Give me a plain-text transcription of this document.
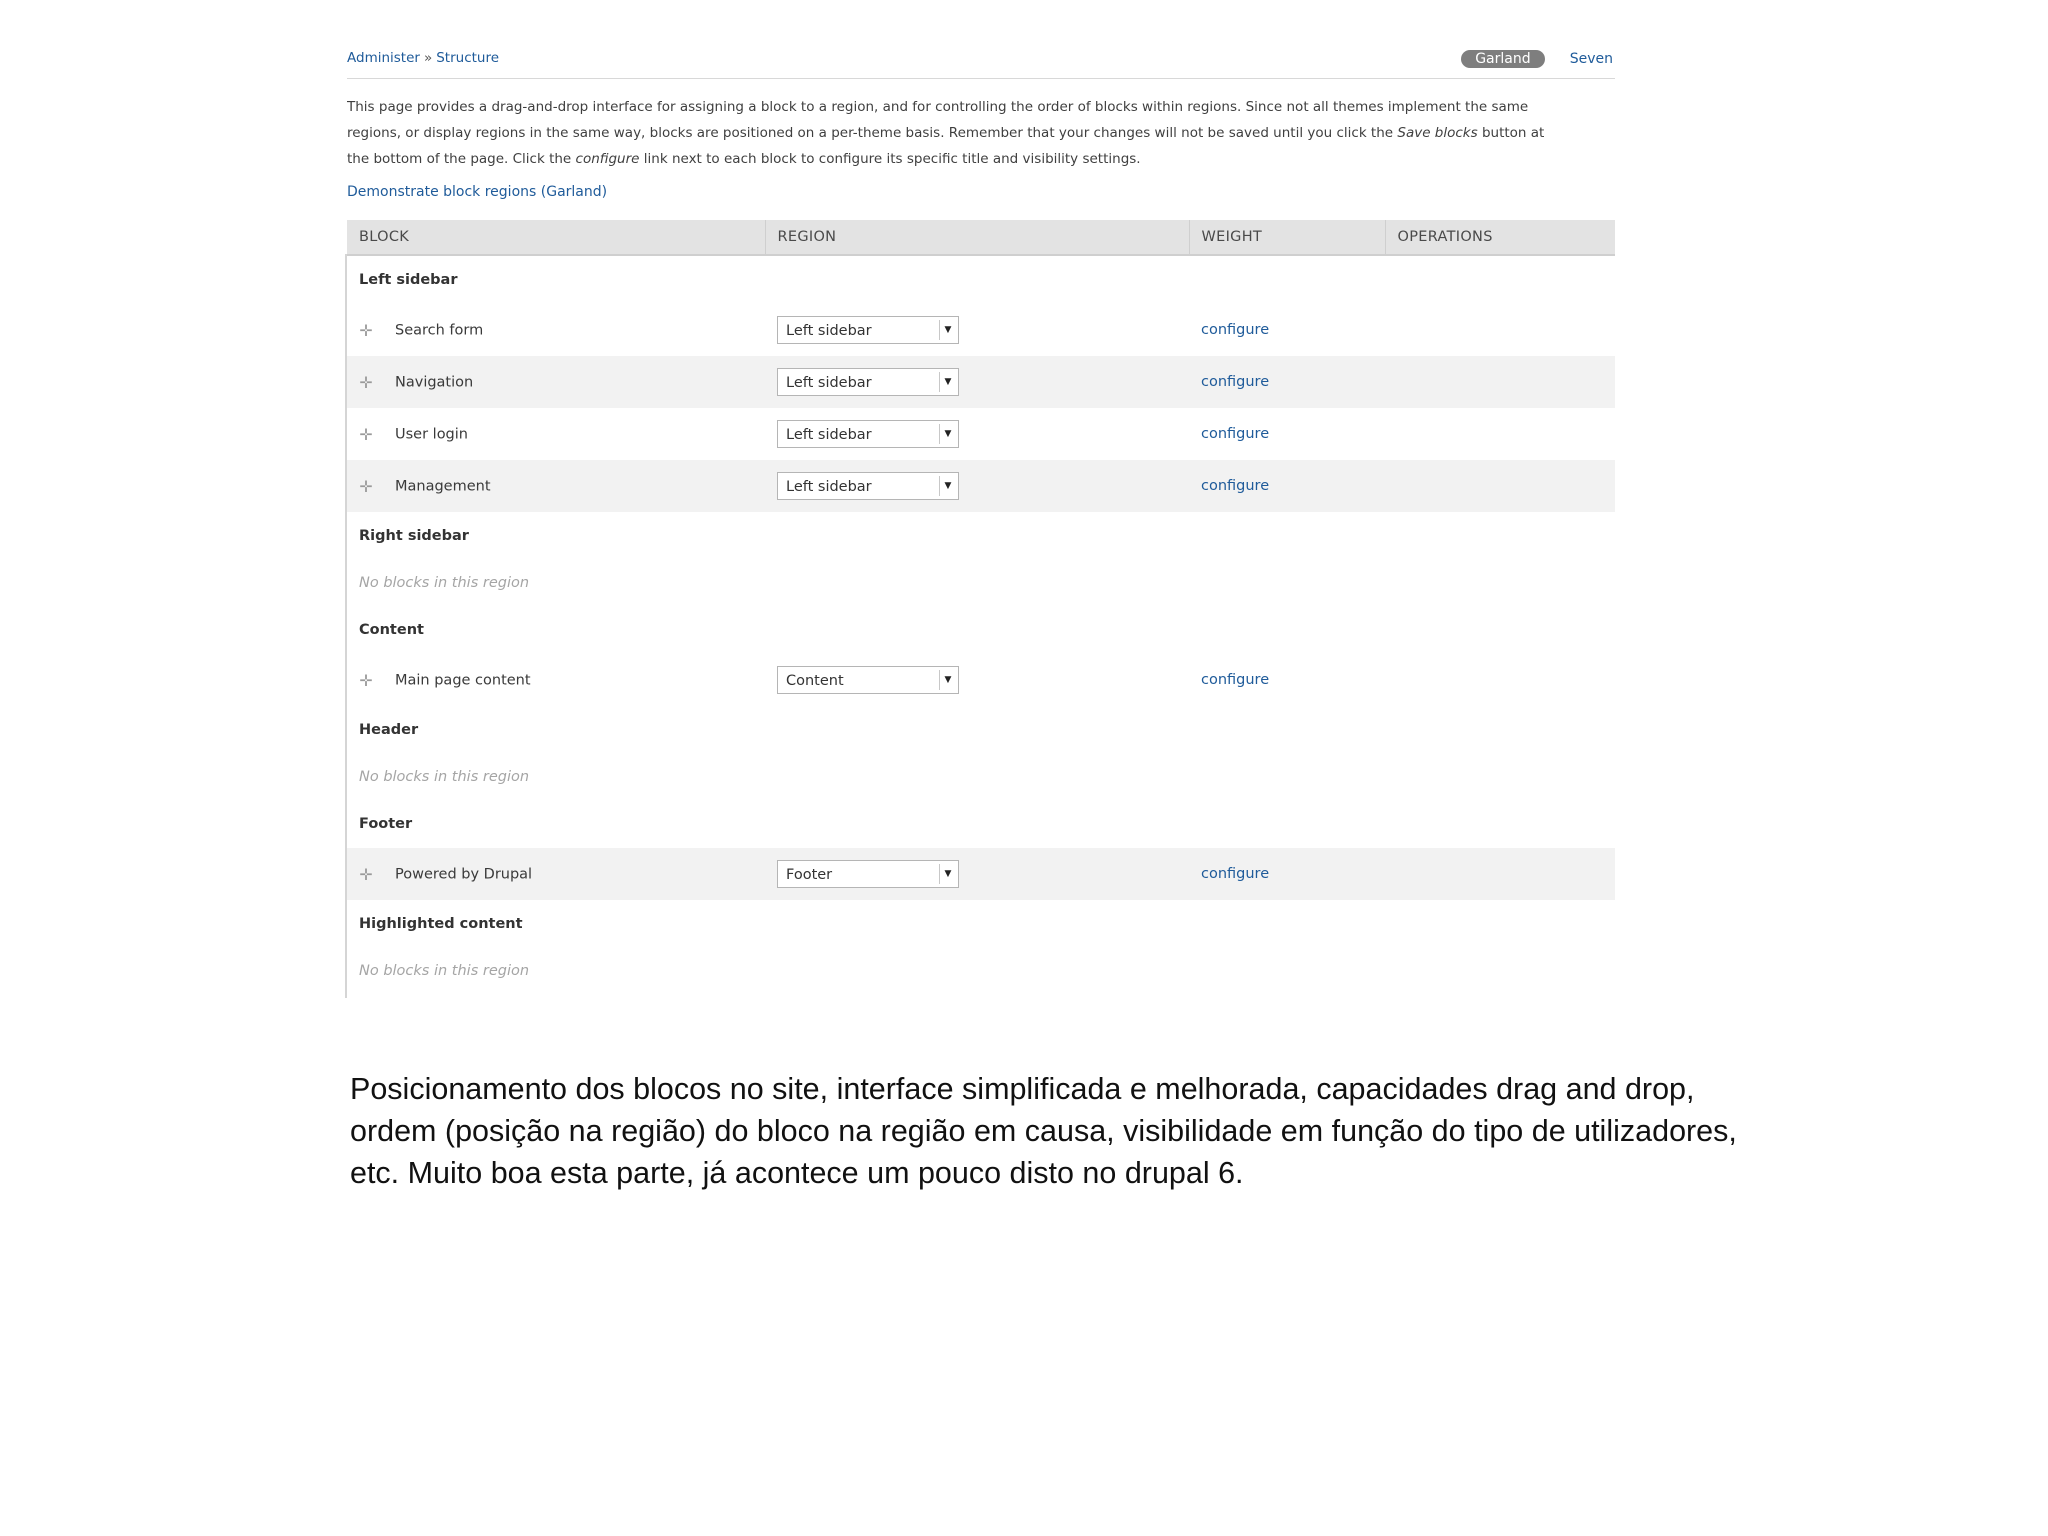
Administer » Structure	Garland	Seven
This page provides a drag-and-drop interface for assigning a block to a region, and for controlling the order of blocks within regions. Since not all themes implement the same
regions, or display regions in the same way, blocks are positioned on a per-theme basis. Remember that your changes will not be saved until you click the Save blocks button at
the bottom of the page. Click the configure link next to each block to configure its specific title and visibility settings.
Demonstrate block regions (Garland)
BLOCK	REGION	WEIGHT	OPERATIONS
Left sidebar			
✛ Search form	Left sidebar ▼	configure	
✛ Navigation	Left sidebar ▼	configure	
✛ User login	Left sidebar ▼	configure	
✛ Management	Left sidebar ▼	configure	
Right sidebar			
No blocks in this region			
Content			
✛ Main page content	Content ▼	configure	
Header			
No blocks in this region			
Footer			
✛ Powered by Drupal	Footer ▼	configure	
Highlighted content			
No blocks in this region			
Posicionamento dos blocos no site, interface simplificada e melhorada, capacidades drag and drop, ordem (posição na região) do bloco na região em causa, visibilidade em função do tipo de utilizadores, etc. Muito boa esta parte, já acontece um pouco disto no drupal 6.
